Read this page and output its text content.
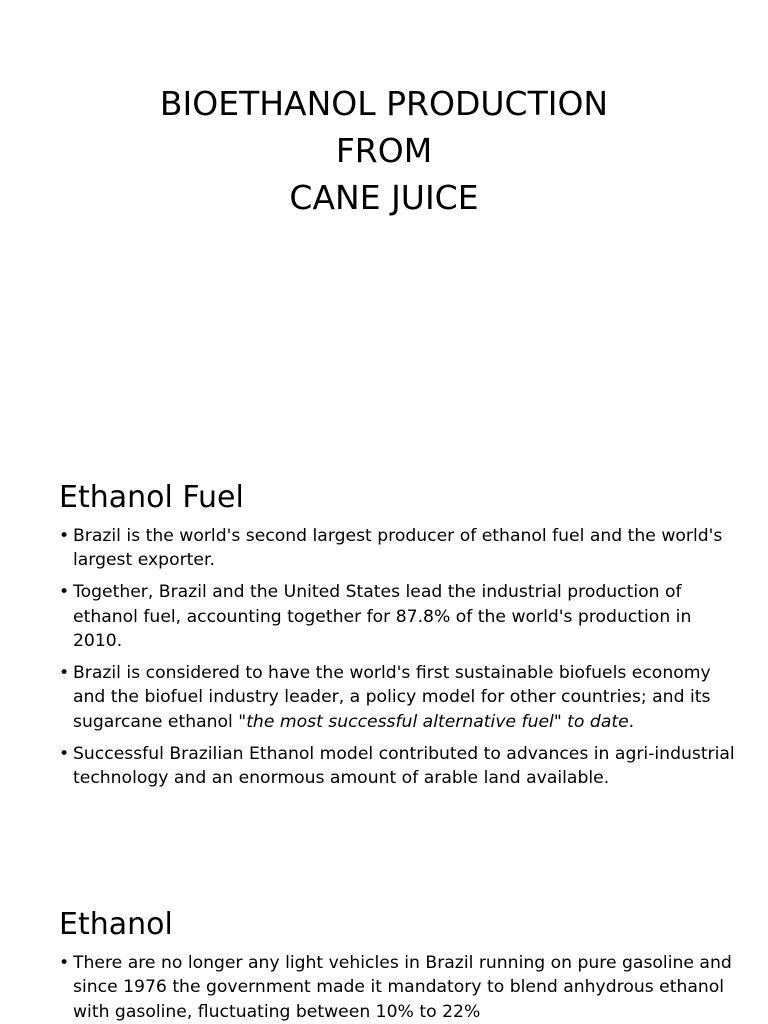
BIOETHANOL PRODUCTION
FROM
CANE JUICE
Ethanol Fuel
• Brazil is the world's second largest producer of ethanol fuel and the world's largest exporter.
• Together, Brazil and the United States lead the industrial production of ethanol fuel, accounting together for 87.8% of the world's production in 2010.
• Brazil is considered to have the world's first sustainable biofuels economy and the biofuel industry leader, a policy model for other countries; and its sugarcane ethanol "the most successful alternative fuel" to date.
• Successful Brazilian Ethanol model contributed to advances in agri-industrial technology and an enormous amount of arable land available.
Ethanol
• There are no longer any light vehicles in Brazil running on pure gasoline and since 1976 the government made it mandatory to blend anhydrous ethanol with gasoline, fluctuating between 10% to 22%
